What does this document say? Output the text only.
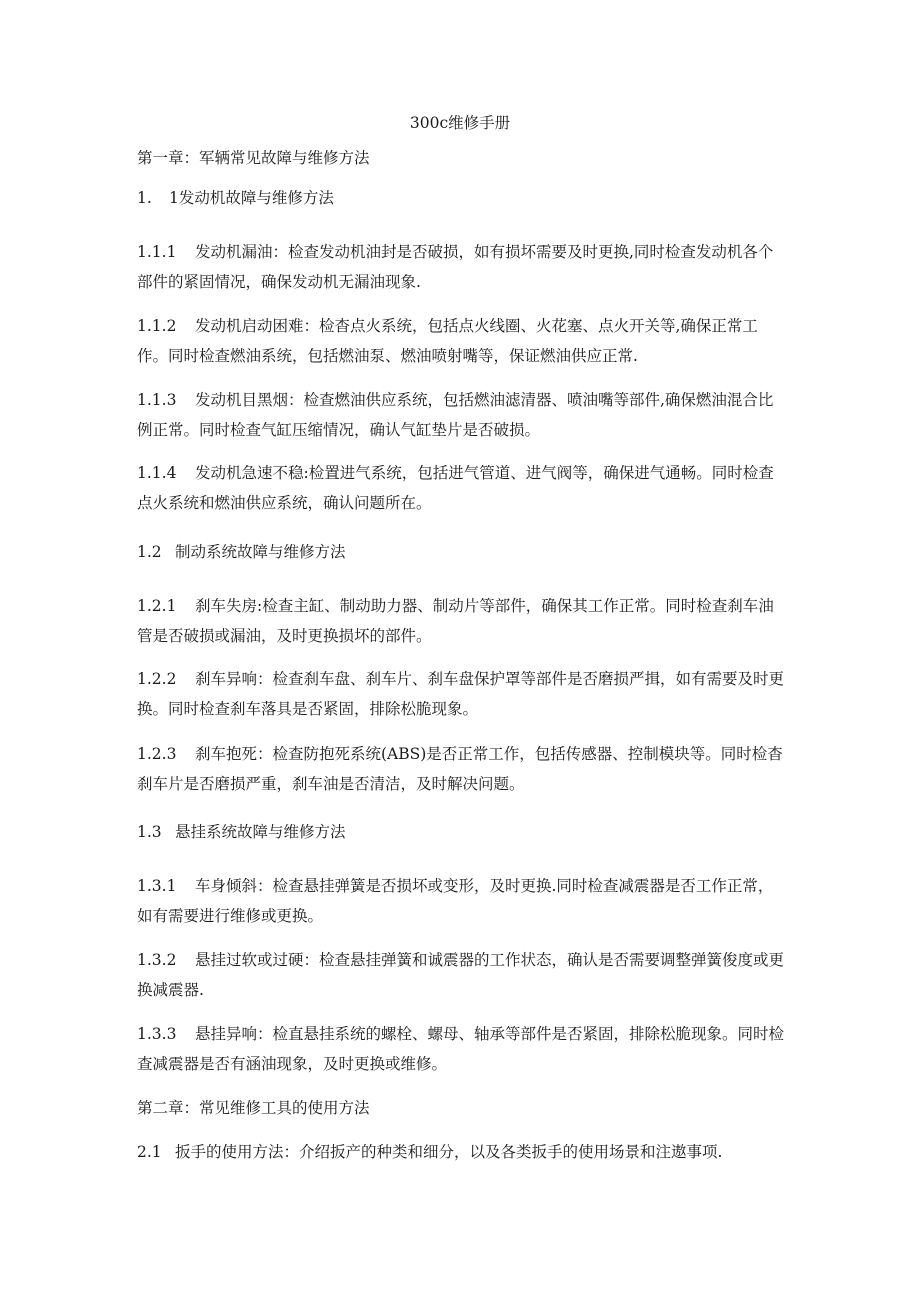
300c维修手册
第一章：军辆常见故障与维修方法
1. 1发动机故障与维修方法
1.1.1 发动机漏油：检查发动机油封是否破损，如有损坏需要及时更换,同时检查发动机各个部件的紧固情况，确保发动机无漏油现象.
1.1.2 发动机启动困难：检杳点火系统，包括点火线圈、火花塞、点火开关等,确保正常工作。同时检查燃油系统，包括燃油泵、燃油喷射嘴等，保证燃油供应正常.
1.1.3 发动机目黑烟：检查燃油供应系统，包括燃油滤清器、喷油嘴等部件,确保燃油混合比例正常。同时检查气缸压缩情况，确认气缸垫片是否破损。
1.1.4 发动机急速不稳:检置进气系统，包括进气管道、进气阀等，确保进气通畅。同时检查点火系统和燃油供应系统，确认问题所在。
1.2 制动系统故障与维修方法
1.2.1 刹车失房:检查主缸、制动助力器、制动片等部件，确保其工作正常。同时检查刹车油管是否破损或漏油，及时更换损坏的部件。
1.2.2 刹车异响：检查刹车盘、刹车片、刹车盘保护罩等部件是否磨损严揖，如有需要及时更换。同时检查刹车落具是否紧固，排除松脆现象。
1.2.3 刹车抱死：检查防抱死系统(ABS)是否正常工作，包括传感器、控制模块等。同时检杳刹车片是否磨损严重，刹车油是否清洁，及时解决问题。
1.3 悬挂系统故障与维修方法
1.3.1 车身倾斜：检查悬挂弹簧是否损坏或变形，及时更换.同时检查减震器是否工作正常，如有需要进行维修或更换。
1.3.2 悬挂过软或过硬：检查悬挂弹簧和诚震器的工作状态，确认是否需要调整弹簧俊度或更换减震器.
1.3.3 悬挂异响：检直悬挂系统的螺栓、螺母、轴承等部件是否紧固，排除松脆现象。同时检查减震器是否有涵油现象，及时更换或维修。
第二章：常见维修工具的使用方法
2.1 扳手的使用方法：介绍扳产的种类和细分，以及各类扳手的使用场景和注遨事项.
